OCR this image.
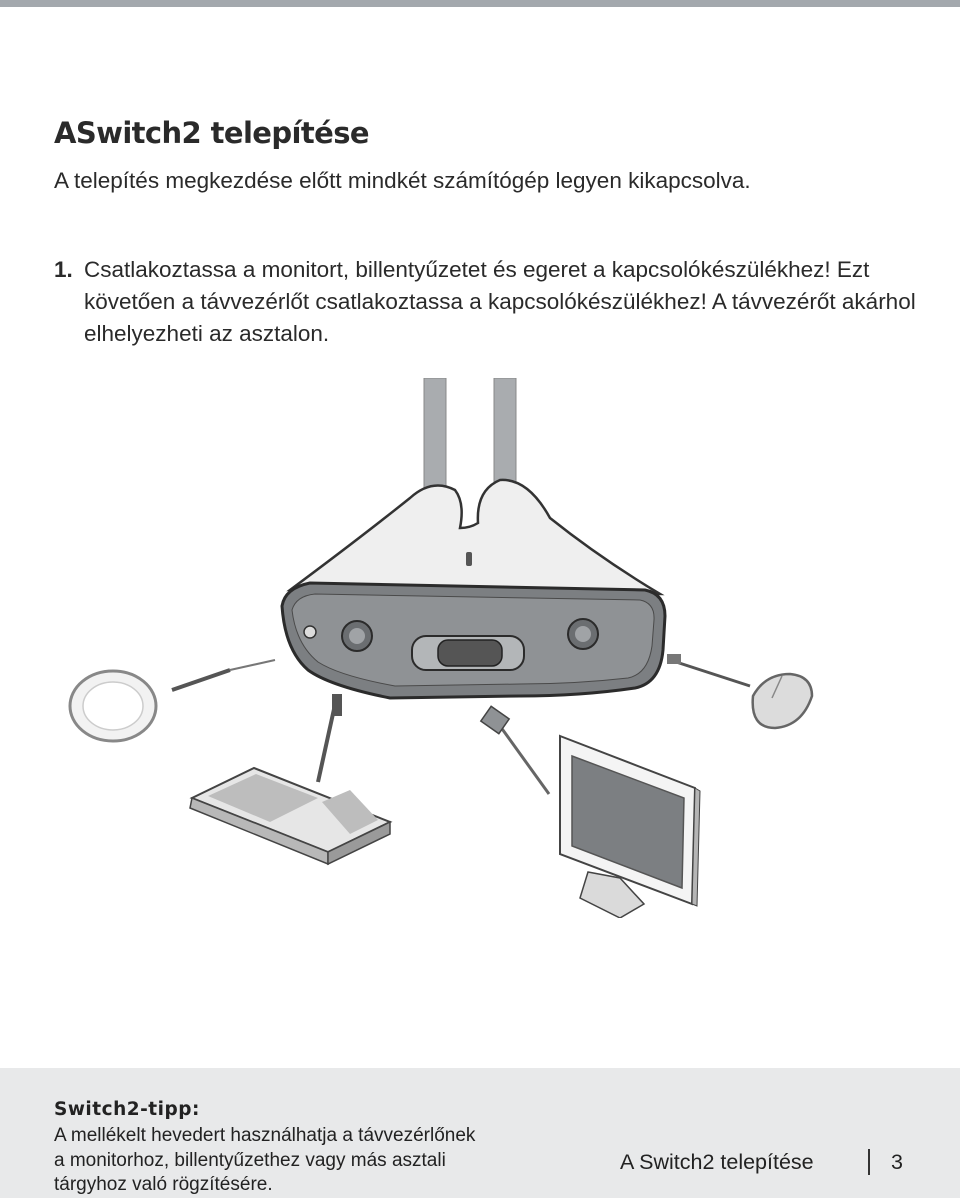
ASwitch2 telepítése
A telepítés megkezdése előtt mindkét számítógép legyen kikapcsolva.
1. Csatlakoztassa a monitort, billentyűzetet és egeret a kapcsolókészülékhez! Ezt követően a távvezérlőt csatlakoztassa a kapcsolókészülékhez! A távvezérőt akárhol elhelyezheti az asztalon.
Switch2-tipp:
A mellékelt hevedert használhatja a távvezérlőnek a monitorhoz, billentyűzethez vagy más asztali tárgyhoz való rögzítésére.
A Switch2 telepítése	3
